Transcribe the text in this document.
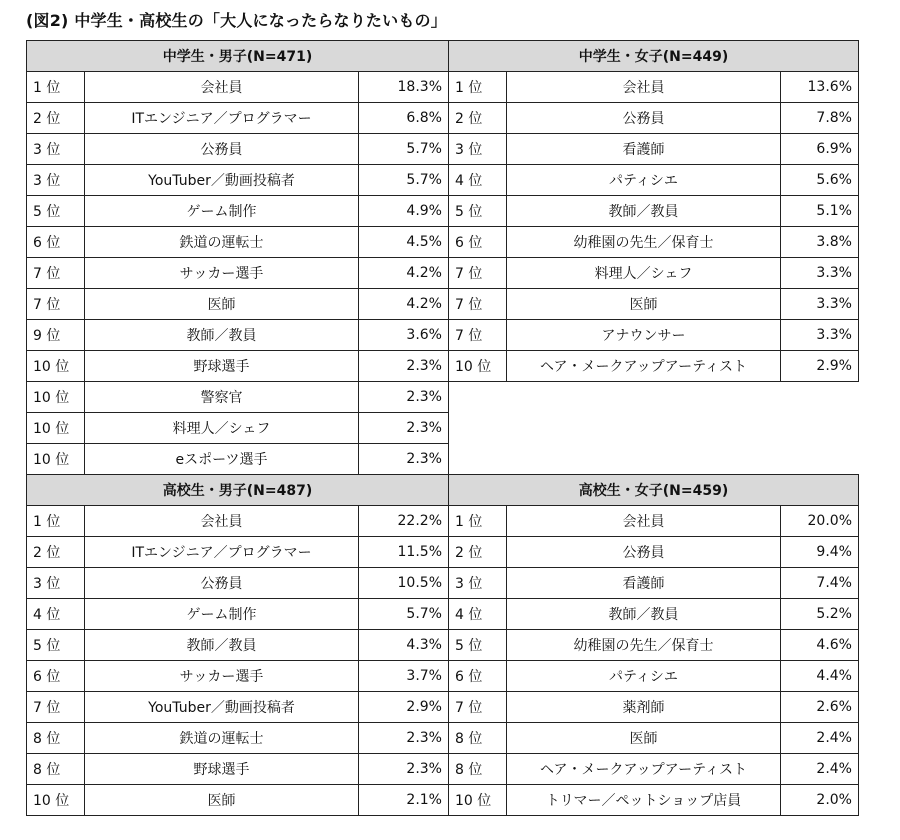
(図2) 中学生・高校生の「大人になったらなりたいもの」
中学生・男子(N=471)			中学生・女子(N=449)		
1 位	会社員	18.3%	1 位	会社員	13.6%
2 位	ITエンジニア／プログラマー	6.8%	2 位	公務員	7.8%
3 位	公務員	5.7%	3 位	看護師	6.9%
3 位	YouTuber／動画投稿者	5.7%	4 位	パティシエ	5.6%
5 位	ゲーム制作	4.9%	5 位	教師／教員	5.1%
6 位	鉄道の運転士	4.5%	6 位	幼稚園の先生／保育士	3.8%
7 位	サッカー選手	4.2%	7 位	料理人／シェフ	3.3%
7 位	医師	4.2%	7 位	医師	3.3%
9 位	教師／教員	3.6%	7 位	アナウンサー	3.3%
10 位	野球選手	2.3%	10 位	ヘア・メークアップアーティスト	2.9%
10 位	警察官	2.3%			
10 位	料理人／シェフ	2.3%			
10 位	eスポーツ選手	2.3%			
高校生・男子(N=487)			高校生・女子(N=459)		
1 位	会社員	22.2%	1 位	会社員	20.0%
2 位	ITエンジニア／プログラマー	11.5%	2 位	公務員	9.4%
3 位	公務員	10.5%	3 位	看護師	7.4%
4 位	ゲーム制作	5.7%	4 位	教師／教員	5.2%
5 位	教師／教員	4.3%	5 位	幼稚園の先生／保育士	4.6%
6 位	サッカー選手	3.7%	6 位	パティシエ	4.4%
7 位	YouTuber／動画投稿者	2.9%	7 位	薬剤師	2.6%
8 位	鉄道の運転士	2.3%	8 位	医師	2.4%
8 位	野球選手	2.3%	8 位	ヘア・メークアップアーティスト	2.4%
10 位	医師	2.1%	10 位	トリマー／ペットショップ店員	2.0%
